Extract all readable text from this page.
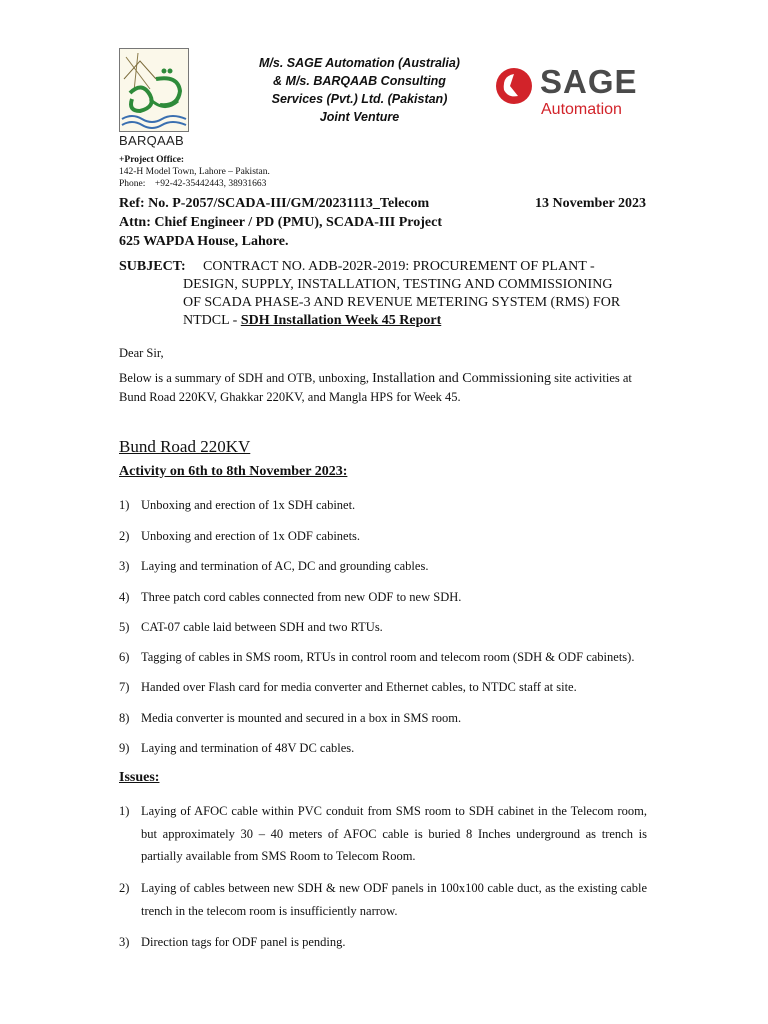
BARQAAB
M/s. SAGE Automation (Australia)
& M/s. BARQAAB Consulting
Services (Pvt.) Ltd. (Pakistan)
Joint Venture
SAGE
Automation
+Project Office:
142-H Model Town, Lahore – Pakistan.
Phone: +92-42-35442443, 38931663
Ref: No. P-2057/SCADA-III/GM/20231113_Telecom
Attn: Chief Engineer / PD (PMU), SCADA-III Project
625 WAPDA House, Lahore.
13 November 2023
SUBJECT: CONTRACT NO. ADB-202R-2019: PROCUREMENT OF PLANT -
DESIGN, SUPPLY, INSTALLATION, TESTING AND COMMISSIONING
OF SCADA PHASE-3 AND REVENUE METERING SYSTEM (RMS) FOR
NTDCL - SDH Installation Week 45 Report
Dear Sir,
Below is a summary of SDH and OTB, unboxing, Installation and Commissioning site activities at Bund Road 220KV, Ghakkar 220KV, and Mangla HPS for Week 45.
Bund Road 220KV
Activity on 6th to 8th November 2023:
1) Unboxing and erection of 1x SDH cabinet.
2) Unboxing and erection of 1x ODF cabinets.
3) Laying and termination of AC, DC and grounding cables.
4) Three patch cord cables connected from new ODF to new SDH.
5) CAT-07 cable laid between SDH and two RTUs.
6) Tagging of cables in SMS room, RTUs in control room and telecom room (SDH & ODF cabinets).
7) Handed over Flash card for media converter and Ethernet cables, to NTDC staff at site.
8) Media converter is mounted and secured in a box in SMS room.
9) Laying and termination of 48V DC cables.
Issues:
1) Laying of AFOC cable within PVC conduit from SMS room to SDH cabinet in the Telecom room, but approximately 30 – 40 meters of AFOC cable is buried 8 Inches underground as trench is partially available from SMS Room to Telecom Room.
2) Laying of cables between new SDH & new ODF panels in 100x100 cable duct, as the existing cable trench in the telecom room is insufficiently narrow.
3) Direction tags for ODF panel is pending.
